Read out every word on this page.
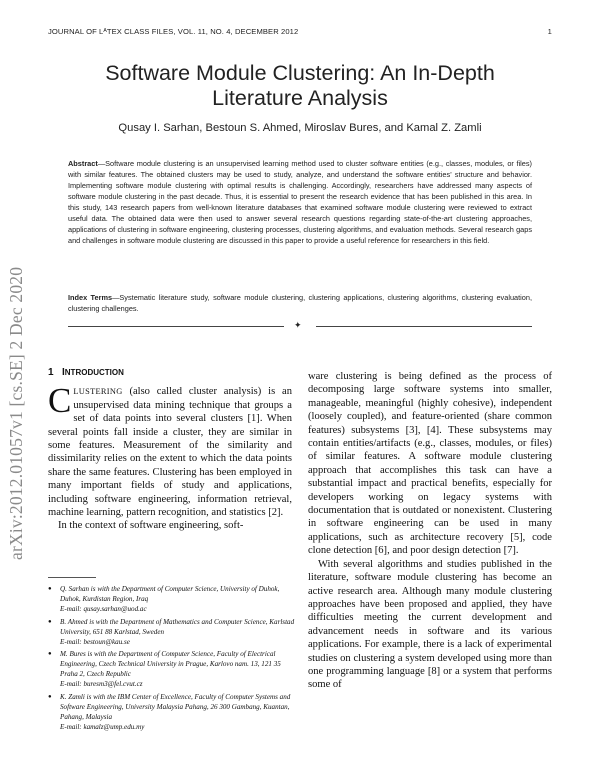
JOURNAL OF LᴬTEX CLASS FILES, VOL. 11, NO. 4, DECEMBER 2012	1
Software Module Clustering: An In-Depth
Literature Analysis
Qusay I. Sarhan, Bestoun S. Ahmed, Miroslav Bures, and Kamal Z. Zamli
Abstract—Software module clustering is an unsupervised learning method used to cluster software entities (e.g., classes, modules, or files) with similar features. The obtained clusters may be used to study, analyze, and understand the software entities’ structure and behavior. Implementing software module clustering with optimal results is challenging. Accordingly, researchers have addressed many aspects of software module clustering in the past decade. Thus, it is essential to present the research evidence that has been published in this area. In this study, 143 research papers from well-known literature databases that examined software module clustering were reviewed to extract useful data. The obtained data were then used to answer several research questions regarding state-of-the-art clustering approaches, applications of clustering in software engineering, clustering processes, clustering algorithms, and evaluation methods. Several research gaps and challenges in software module clustering are discussed in this paper to provide a useful reference for researchers in this field.
Index Terms—Systematic literature study, software module clustering, clustering applications, clustering algorithms, clustering evaluation, clustering challenges.
✦
arXiv:2012.01057v1 [cs.SE] 2 Dec 2020 1 INTRODUCTION

CLUSTERING (also called cluster analysis) is an unsupervised data mining technique that groups a set of data points into several clusters [1]. When several points fall inside a cluster, they are similar in some features. Measurement of the similarity and dissimilarity relies on the extent to which the data points share the same features. Clustering has been employed in many important fields of study and applications, including software engineering, information retrieval, machine learning, pattern recognition, and statistics [2].

In the context of software engineering, soft-

ware clustering is being defined as the process of decomposing large software systems into smaller, manageable, meaningful (highly cohesive), independent (loosely coupled), and feature-oriented (share common features) subsystems [3], [4]. These subsystems may contain entities/artifacts (e.g., classes, modules, or files) of similar features. A software module clustering approach that accomplishes this task can have a substantial impact and practical benefits, especially for developers working on legacy systems with documentation that is outdated or nonexistent. Clustering in software engineering can be used in many applications, such as architecture recovery [5], code clone detection [6], and poor design detection [7].

With several algorithms and studies published in the literature, software module clustering has become an active research area. Although many module clustering approaches have been proposed and applied, they have difficulties meeting the current development and advancement needs in software and its various applications. For example, there is a lack of experimental studies on clustering a system developed using more than one programming language [8] or a system that performs some of

● Q. Sarhan is with the Department of Computer Science, University of Duhok, Duhok, Kurdistan Region, Iraq
E-mail: qusay.sarhan@uod.ac
● B. Ahmed is with the Department of Mathematics and Computer Science, Karlstad University, 651 88 Karlstad, Sweden
E-mail: bestoun@kau.se
● M. Bures is with the Department of Computer Science, Faculty of Electrical Engineering, Czech Technical University in Prague, Karlovo nam. 13, 121 35 Praha 2, Czech Republic
E-mail: buresm3@fel.cvut.cz
● K. Zamli is with the IBM Center of Excellence, Faculty of Computer Systems and Software Engineering, University Malaysia Pahang, 26 300 Gambang, Kuantan, Pahang, Malaysia
E-mail: kamalz@ump.edu.my
